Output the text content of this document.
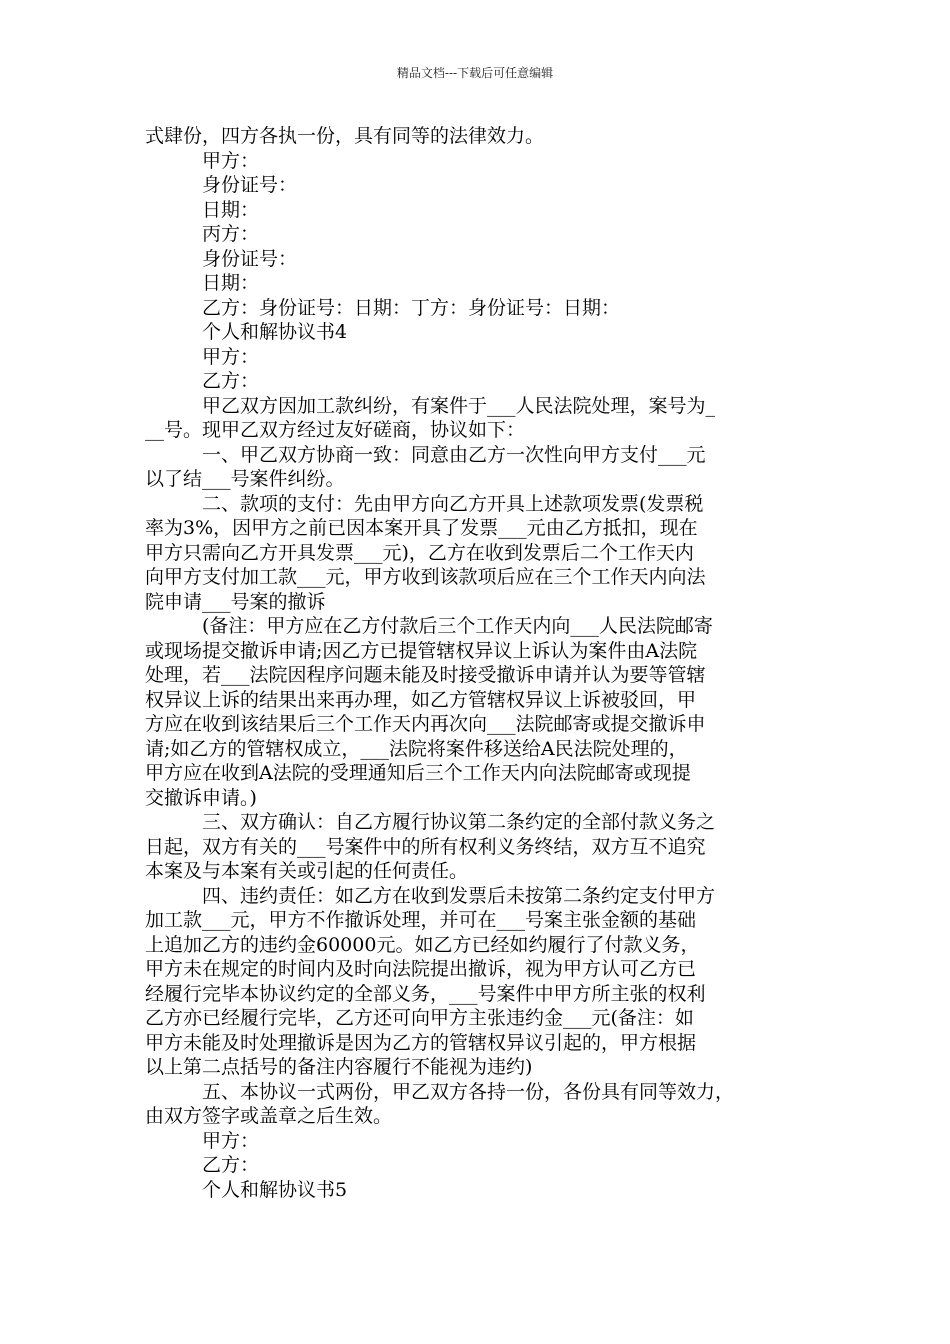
精品文档---下载后可任意编辑
式肆份，四方各执一份，具有同等的法律效力。
甲方：
身份证号：
日期：
丙方：
身份证号：
日期：
乙方：身份证号：日期：丁方：身份证号：日期：
个人和解协议书4
甲方：
乙方：
甲乙双方因加工款纠纷，有案件于___人民法院处理，案号为_
__号。现甲乙双方经过友好磋商，协议如下：
一、甲乙双方协商一致：同意由乙方一次性向甲方支付___元
以了结___号案件纠纷。
二、款项的支付：先由甲方向乙方开具上述款项发票(发票税
率为3%，因甲方之前已因本案开具了发票___元由乙方抵扣，现在
甲方只需向乙方开具发票___元)，乙方在收到发票后二个工作天内
向甲方支付加工款___元，甲方收到该款项后应在三个工作天内向法
院申请___号案的撤诉
(备注：甲方应在乙方付款后三个工作天内向___人民法院邮寄
或现场提交撤诉申请;因乙方已提管辖权异议上诉认为案件由A法院
处理，若___法院因程序问题未能及时接受撤诉申请并认为要等管辖
权异议上诉的结果出来再办理，如乙方管辖权异议上诉被驳回，甲
方应在收到该结果后三个工作天内再次向___法院邮寄或提交撤诉申
请;如乙方的管辖权成立，___法院将案件移送给A民法院处理的，
甲方应在收到A法院的受理通知后三个工作天内向法院邮寄或现提
交撤诉申请。)
三、双方确认：自乙方履行协议第二条约定的全部付款义务之
日起，双方有关的___号案件中的所有权利义务终结，双方互不追究
本案及与本案有关或引起的任何责任。
四、违约责任：如乙方在收到发票后未按第二条约定支付甲方
加工款___元，甲方不作撤诉处理，并可在___号案主张金额的基础
上追加乙方的违约金60000元。如乙方已经如约履行了付款义务，
甲方未在规定的时间内及时向法院提出撤诉，视为甲方认可乙方已
经履行完毕本协议约定的全部义务，___号案件中甲方所主张的权利
乙方亦已经履行完毕，乙方还可向甲方主张违约金___元(备注：如
甲方未能及时处理撤诉是因为乙方的管辖权异议引起的，甲方根据
以上第二点括号的备注内容履行不能视为违约)
五、本协议一式两份，甲乙双方各持一份，各份具有同等效力，
由双方签字或盖章之后生效。
甲方：
乙方：
个人和解协议书5
